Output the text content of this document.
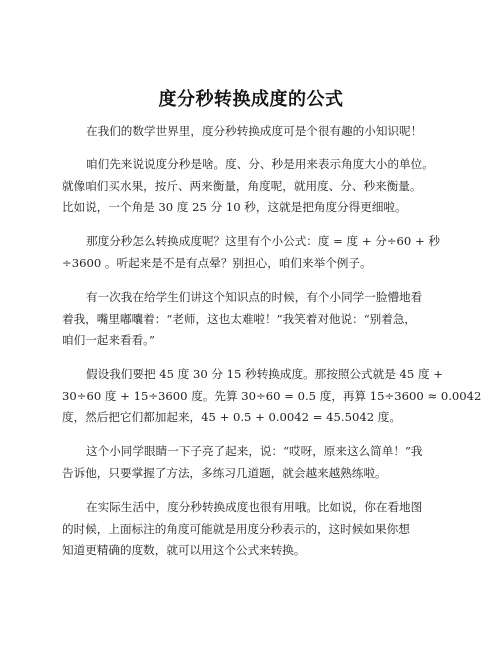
度分秒转换成度的公式
在我们的数学世界里，度分秒转换成度可是个很有趣的小知识呢！
咱们先来说说度分秒是啥。度、分、秒是用来表示角度大小的单位。
就像咱们买水果，按斤、两来衡量，角度呢，就用度、分、秒来衡量。
比如说，一个角是 30 度 25 分 10 秒，这就是把角度分得更细啦。
那度分秒怎么转换成度呢？这里有个小公式：度 = 度 + 分÷60 + 秒
÷3600 。听起来是不是有点晕？别担心，咱们来举个例子。
有一次我在给学生们讲这个知识点的时候，有个小同学一脸懵地看
着我，嘴里嘟囔着：“老师，这也太难啦！”我笑着对他说：“别着急，
咱们一起来看看。”
假设我们要把 45 度 30 分 15 秒转换成度。那按照公式就是 45 度 +
30÷60 度 + 15÷3600 度。先算 30÷60 = 0.5 度，再算 15÷3600 ≈ 0.0042
度，然后把它们都加起来，45 + 0.5 + 0.0042 = 45.5042 度。
这个小同学眼睛一下子亮了起来，说：“哎呀，原来这么简单！”我
告诉他，只要掌握了方法，多练习几道题，就会越来越熟练啦。
在实际生活中，度分秒转换成度也很有用哦。比如说，你在看地图
的时候，上面标注的角度可能就是用度分秒表示的，这时候如果你想
知道更精确的度数，就可以用这个公式来转换。
